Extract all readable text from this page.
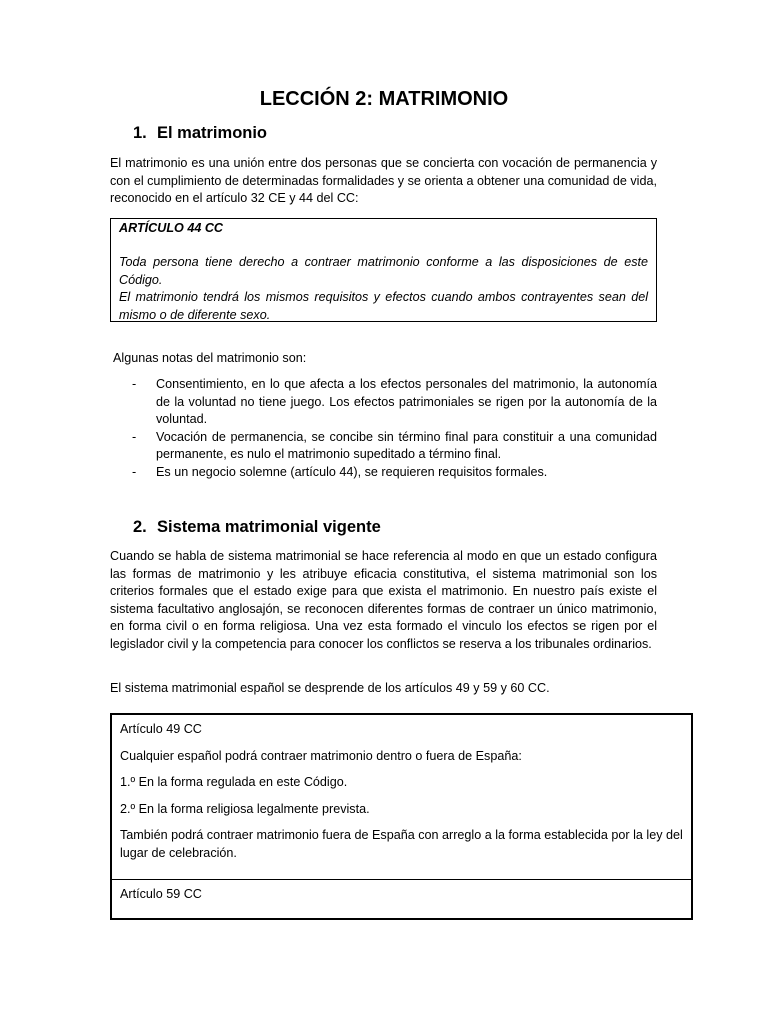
LECCIÓN 2: MATRIMONIO
1. El matrimonio

El matrimonio es una unión entre dos personas que se concierta con vocación de permanencia y con el cumplimiento de determinadas formalidades y se orienta a obtener una comunidad de vida, reconocido en el artículo 32 CE y 44 del CC:

ARTÍCULO 44 CC

Toda persona tiene derecho a contraer matrimonio conforme a las disposiciones de este Código.

El matrimonio tendrá los mismos requisitos y efectos cuando ambos contrayentes sean del mismo o de diferente sexo.

Algunas notas del matrimonio son:

- Consentimiento, en lo que afecta a los efectos personales del matrimonio, la autonomía de la voluntad no tiene juego. Los efectos patrimoniales se rigen por la autonomía de la voluntad.
- Vocación de permanencia, se concibe sin término final para constituir a una comunidad permanente, es nulo el matrimonio supeditado a término final.
- Es un negocio solemne (artículo 44), se requieren requisitos formales.
2. Sistema matrimonial vigente

Cuando se habla de sistema matrimonial se hace referencia al modo en que un estado configura las formas de matrimonio y les atribuye eficacia constitutiva, el sistema matrimonial son los criterios formales que el estado exige para que exista el matrimonio. En nuestro país existe el sistema facultativo anglosajón, se reconocen diferentes formas de contraer un único matrimonio, en forma civil o en forma religiosa. Una vez esta formado el vinculo los efectos se rigen por el legislador civil y la competencia para conocer los conflictos se reserva a los tribunales ordinarios.

El sistema matrimonial español se desprende de los artículos 49 y 59 y 60 CC.

Artículo 49 CC

Cualquier español podrá contraer matrimonio dentro o fuera de España:

1.º En la forma regulada en este Código.

2.º En la forma religiosa legalmente prevista.

También podrá contraer matrimonio fuera de España con arreglo a la forma establecida por la ley del lugar de celebración.

Artículo 59 CC
